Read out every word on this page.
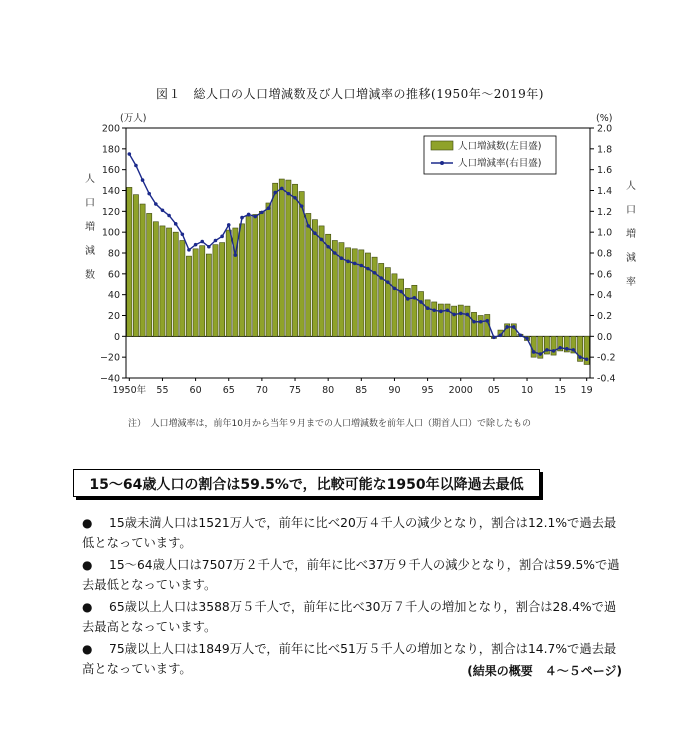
図１　総人口の人口増減数及び人口増減率の推移(1950年～2019年)
200
180
160
140
120
100
80
60
40
20
0
−20
−40
2.0
1.8
1.6
1.4
1.2
1.0
0.8
0.6
0.4
0.2
0.0
-0.2
-0.4
(万人)	(%)
人
口
増
減
数
人
口
増
減
率
1950年 55 60 65 70 75 80 85 90 95 2000 05 10 15 19
人口増減数(左目盛)
人口増減率(右目盛)
注）　人口増減率は，前年10月から当年９月までの人口増減数を前年人口（期首人口）で除したもの
15～64歳人口の割合は59.5%で，比較可能な1950年以降過去最低
●	15歳未満人口は1521万人で，前年に比べ20万４千人の減少となり，割合は12.1%で過去最
低となっています。
●	15～64歳人口は7507万２千人で，前年に比べ37万９千人の減少となり，割合は59.5%で過
去最低となっています。
●	65歳以上人口は3588万５千人で，前年に比べ30万７千人の増加となり，割合は28.4%で過
去最高となっています。
●	75歳以上人口は1849万人で，前年に比べ51万５千人の増加となり，割合は14.7%で過去最
高となっています。	(結果の概要　４～５ページ)
